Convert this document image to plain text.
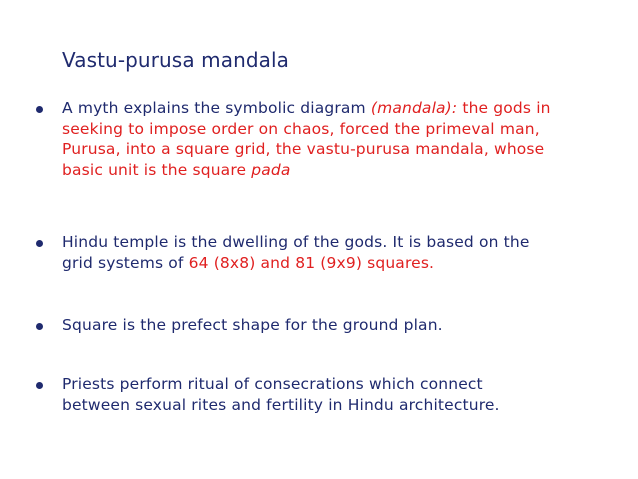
Vastu-purusa mandala
A myth explains the symbolic diagram (mandala): the gods in
seeking to impose order on chaos, forced the primeval man,
Purusa, into a square grid, the vastu-purusa mandala, whose
basic unit is the square pada
Hindu temple is the dwelling of the gods. It is based on the
grid systems of 64 (8x8) and 81 (9x9) squares.
Square is the prefect shape for the ground plan.
Priests perform ritual of consecrations which connect
between sexual rites and fertility in Hindu architecture.
